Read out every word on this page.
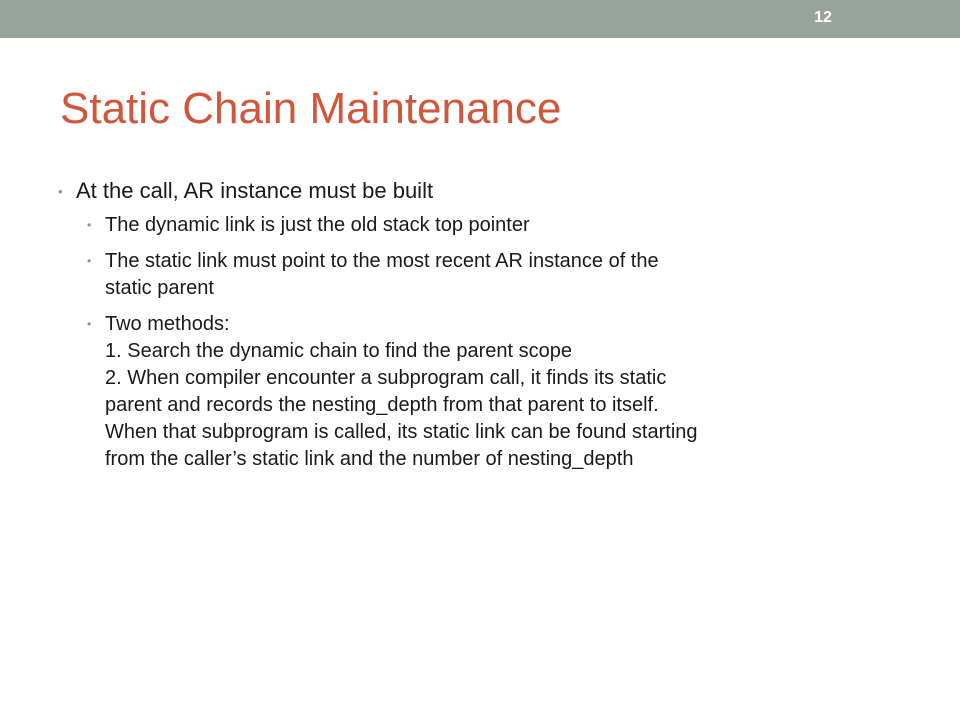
12
Static Chain Maintenance
• At the call, AR instance must be built
• The dynamic link is just the old stack top pointer
• The static link must point to the most recent AR instance of the
static parent
• Two methods:
1. Search the dynamic chain to find the parent scope
2. When compiler encounter a subprogram call, it finds its static
parent and records the nesting_depth from that parent to itself.
When that subprogram is called, its static link can be found starting
from the caller’s static link and the number of nesting_depth
